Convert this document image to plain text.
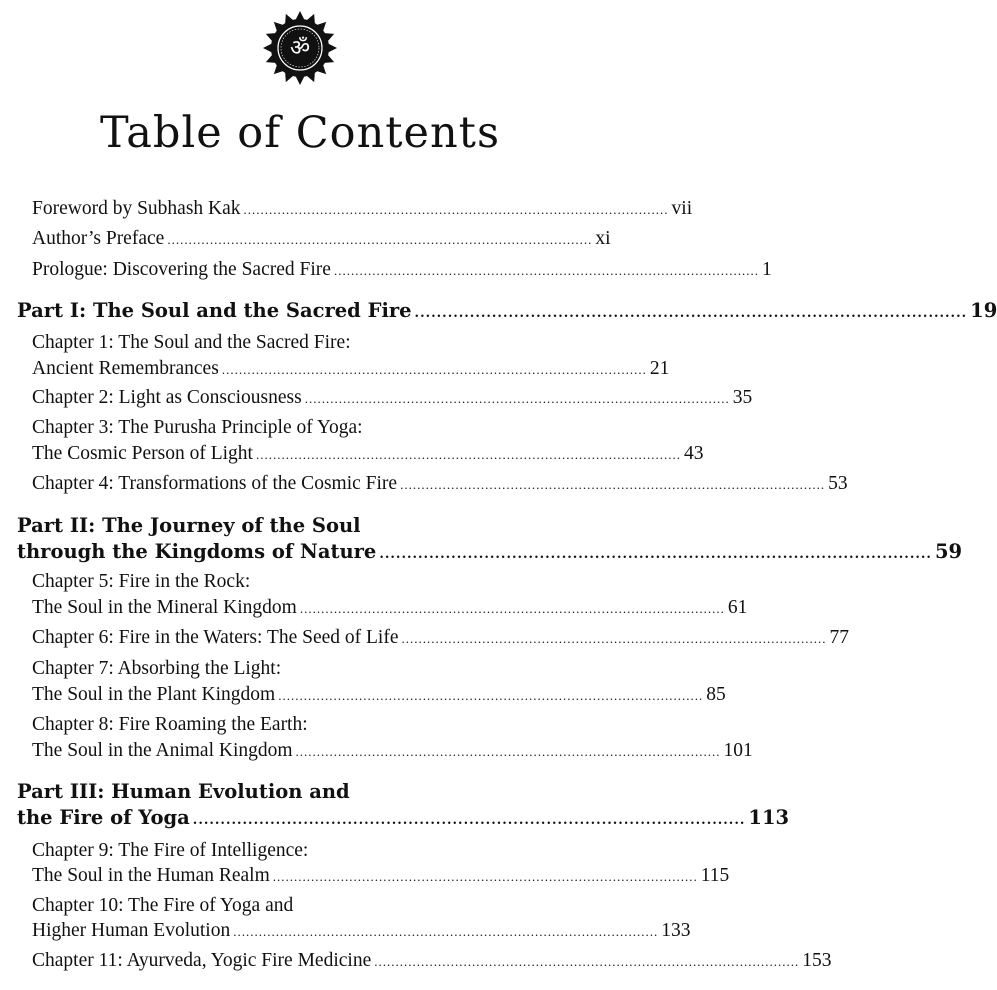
ॐ
Table of Contents
Foreword by Subhash Kak .................................................................................................... vii
Author’s Preface .................................................................................................... xi
Prologue: Discovering the Sacred Fire .................................................................................................... 1
Part I: The Soul and the Sacred Fire .................................................................................................... 19
Chapter 1: The Soul and the Sacred Fire:
Ancient Remembrances .................................................................................................... 21
Chapter 2: Light as Consciousness .................................................................................................... 35
Chapter 3: The Purusha Principle of Yoga:
The Cosmic Person of Light .................................................................................................... 43
Chapter 4: Transformations of the Cosmic Fire .................................................................................................... 53
Part II: The Journey of the Soul
through the Kingdoms of Nature .................................................................................................... 59
Chapter 5: Fire in the Rock:
The Soul in the Mineral Kingdom .................................................................................................... 61
Chapter 6: Fire in the Waters: The Seed of Life .................................................................................................... 77
Chapter 7: Absorbing the Light:
The Soul in the Plant Kingdom .................................................................................................... 85
Chapter 8: Fire Roaming the Earth:
The Soul in the Animal Kingdom .................................................................................................... 101
Part III: Human Evolution and
the Fire of Yoga .................................................................................................... 113
Chapter 9: The Fire of Intelligence:
The Soul in the Human Realm .................................................................................................... 115
Chapter 10: The Fire of Yoga and
Higher Human Evolution .................................................................................................... 133
Chapter 11: Ayurveda, Yogic Fire Medicine .................................................................................................... 153
